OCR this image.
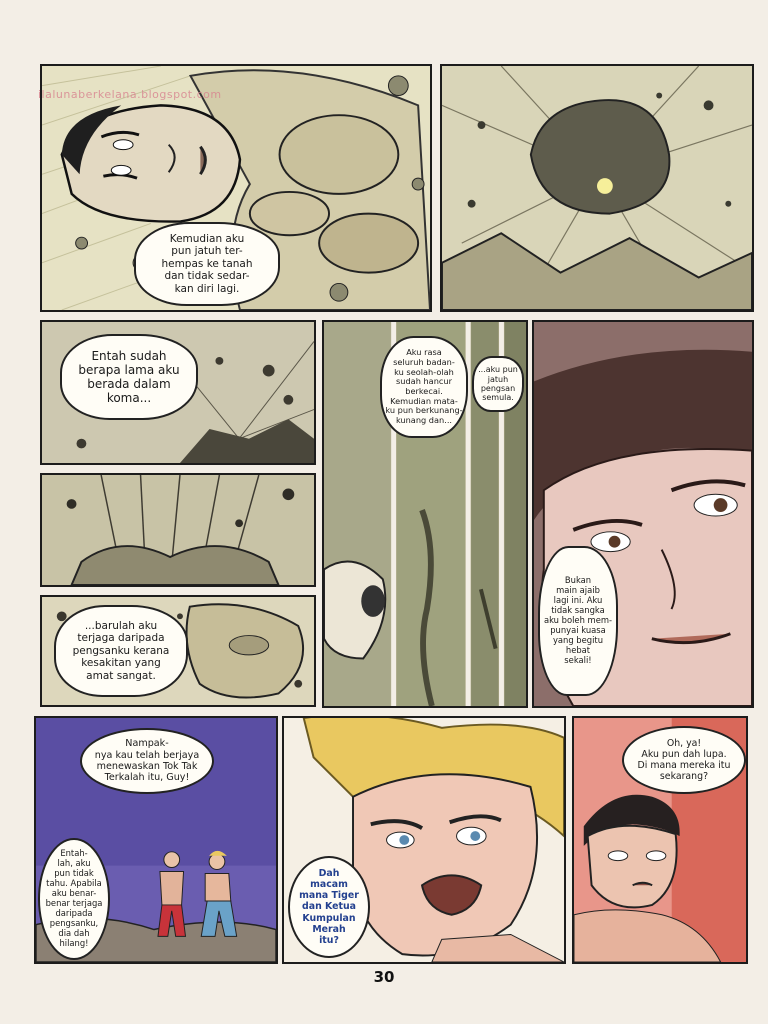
Kemudian aku
pun jatuh ter-
hempas ke tanah
dan tidak sedar-
kan diri lagi.
Entah sudah
berapa lama aku
berada dalam
koma...
...barulah aku
terjaga daripada
pengsanku kerana
kesakitan yang
amat sangat.
Aku rasa
seluruh badan-
ku seolah-olah
sudah hancur
berkecai.
Kemudian mata-
ku pun berkunang-
kunang dan...
...aku pun
jatuh
pengsan
semula.
Bukan
main ajaib
lagi ini. Aku
tidak sangka
aku boleh mem-
punyai kuasa
yang begitu
hebat
sekali!
Nampak-
nya kau telah berjaya
menewaskan Tok Tak
Terkalah itu, Guy!
Entah-
lah, aku
pun tidak
tahu. Apabila
aku benar-
benar terjaga
daripada
pengsanku,
dia dah
hilang!
Dah
macam
mana Tiger
dan Ketua
Kumpulan
Merah
itu?
Oh, ya!
Aku pun dah lupa.
Di mana mereka itu
sekarang?
ilalunaberkelana.blogspot.com
30
